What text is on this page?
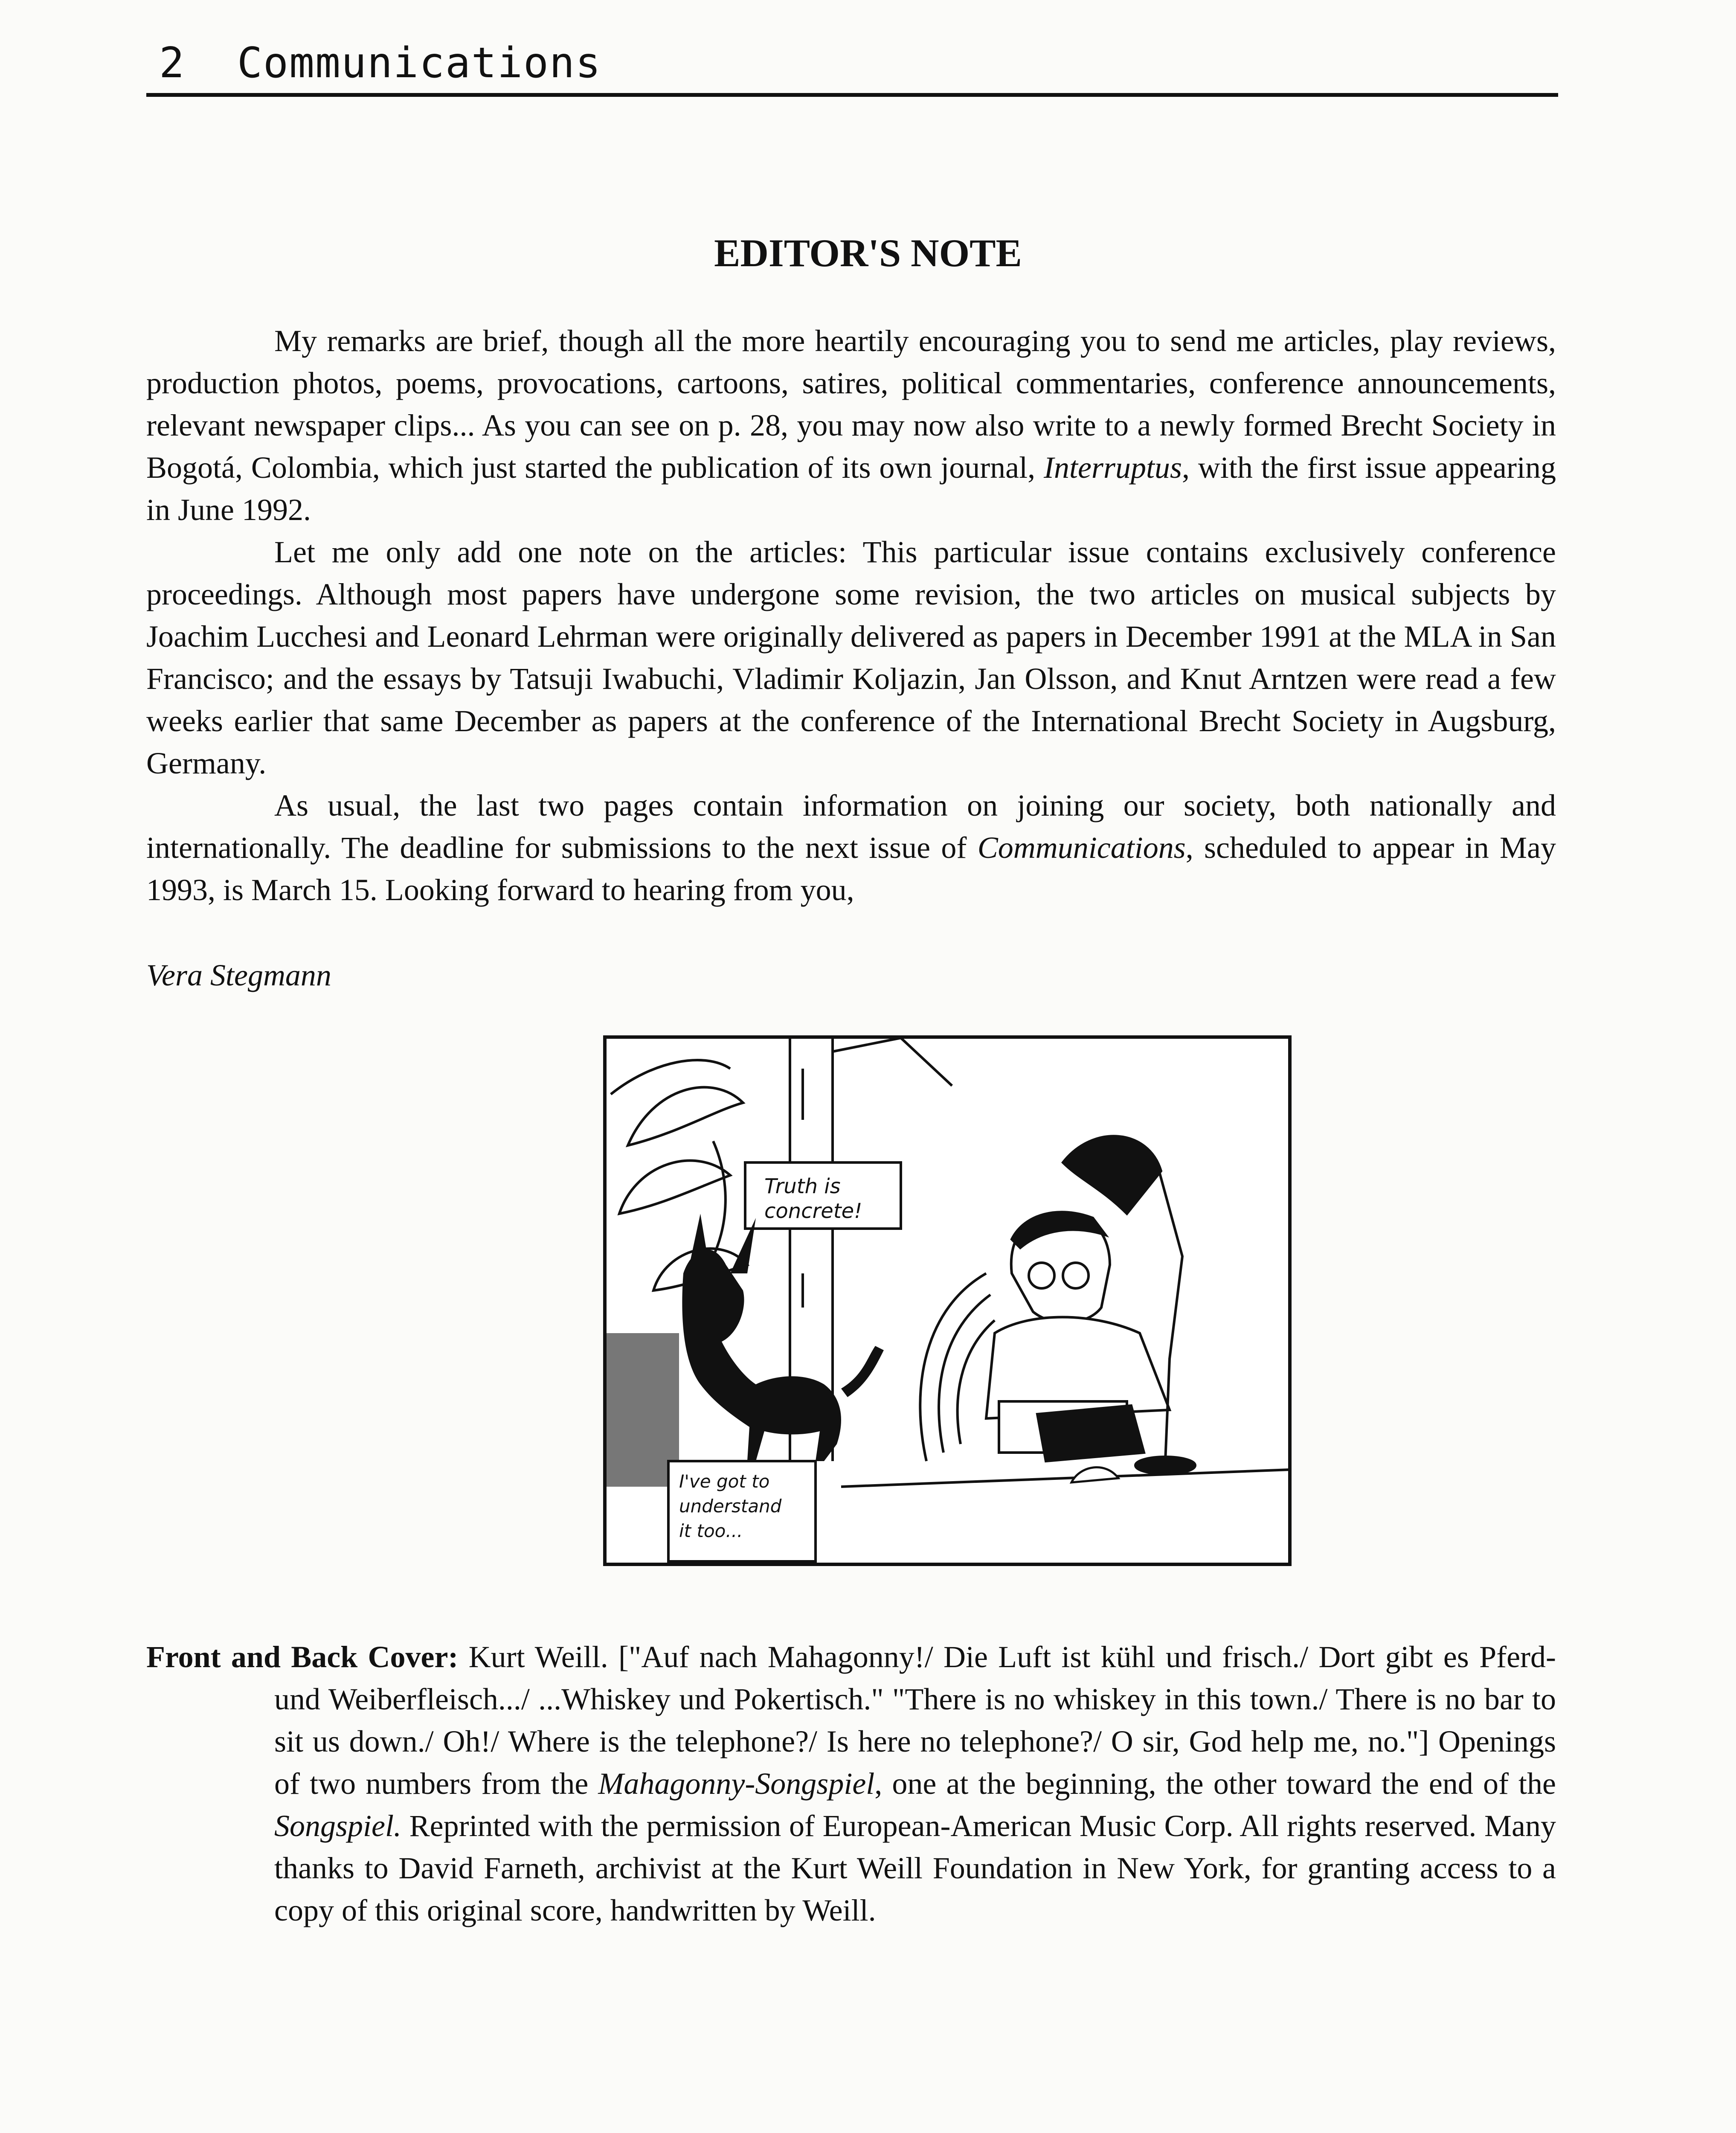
2 Communications
EDITOR'S NOTE

My remarks are brief, though all the more heartily encouraging you to send me articles, play reviews, production photos, poems, provocations, cartoons, satires, political commentaries, conference announcements, relevant newspaper clips... As you can see on p. 28, you may now also write to a newly formed Brecht Society in Bogotá, Colombia, which just started the publication of its own journal, Interruptus, with the first issue appearing in June 1992.

Let me only add one note on the articles: This particular issue contains exclusively conference proceedings. Although most papers have undergone some revision, the two articles on musical subjects by Joachim Lucchesi and Leonard Lehrman were originally delivered as papers in December 1991 at the MLA in San Francisco; and the essays by Tatsuji Iwabuchi, Vladimir Koljazin, Jan Olsson, and Knut Arntzen were read a few weeks earlier that same December as papers at the conference of the International Brecht Society in Augsburg, Germany.

As usual, the last two pages contain information on joining our society, both nationally and internationally. The deadline for submissions to the next issue of Communications, scheduled to appear in May 1993, is March 15. Looking forward to hearing from you,

Vera Stegmann
Truth is
concrete!
I've got to
understand
it too...
Front and Back Cover: Kurt Weill. ["Auf nach Mahagonny!/ Die Luft ist kühl und frisch./ Dort gibt es Pferd- und Weiberfleisch.../ ...Whiskey und Pokertisch." "There is no whiskey in this town./ There is no bar to sit us down./ Oh!/ Where is the telephone?/ Is here no telephone?/ O sir, God help me, no."] Openings of two numbers from the Mahagonny-Songspiel, one at the beginning, the other toward the end of the Songspiel. Reprinted with the permission of European-American Music Corp. All rights reserved. Many thanks to David Farneth, archivist at the Kurt Weill Foundation in New York, for granting access to a copy of this original score, handwritten by Weill.
